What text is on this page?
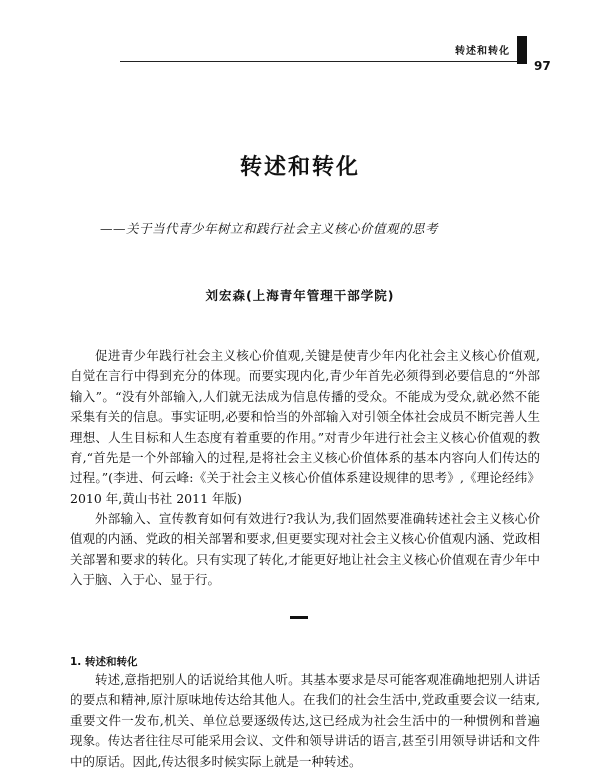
转述和转化
97
转述和转化
——关于当代青少年树立和践行社会主义核心价值观的思考
刘宏森(上海青年管理干部学院)

促进青少年践行社会主义核心价值观,关键是使青少年内化社会主义核心价值观,自觉在言行中得到充分的体现。而要实现内化,青少年首先必须得到必要信息的“外部输入”。“没有外部输入,人们就无法成为信息传播的受众。不能成为受众,就必然不能采集有关的信息。事实证明,必要和恰当的外部输入对引领全体社会成员不断完善人生理想、人生目标和人生态度有着重要的作用。”对青少年进行社会主义核心价值观的教育,“首先是一个外部输入的过程,是将社会主义核心价值体系的基本内容向人们传达的过程。”(李进、何云峰:《关于社会主义核心价值体系建设规律的思考》,《理论经纬》2010 年,黄山书社 2011 年版)

外部输入、宣传教育如何有效进行?我认为,我们固然要准确转述社会主义核心价值观的内涵、党政的相关部署和要求,但更要实现对社会主义核心价值观内涵、党政相关部署和要求的转化。只有实现了转化,才能更好地让社会主义核心价值观在青少年中入于脑、入于心、显于行。

1. 转述和转化

转述,意指把别人的话说给其他人听。其基本要求是尽可能客观准确地把别人讲话的要点和精神,原汁原味地传达给其他人。在我们的社会生活中,党政重要会议一结束,重要文件一发布,机关、单位总要逐级传达,这已经成为社会生活中的一种惯例和普遍现象。传达者往往尽可能采用会议、文件和领导讲话的语言,甚至引用领导讲话和文件中的原话。因此,传达很多时候实际上就是一种转述。
